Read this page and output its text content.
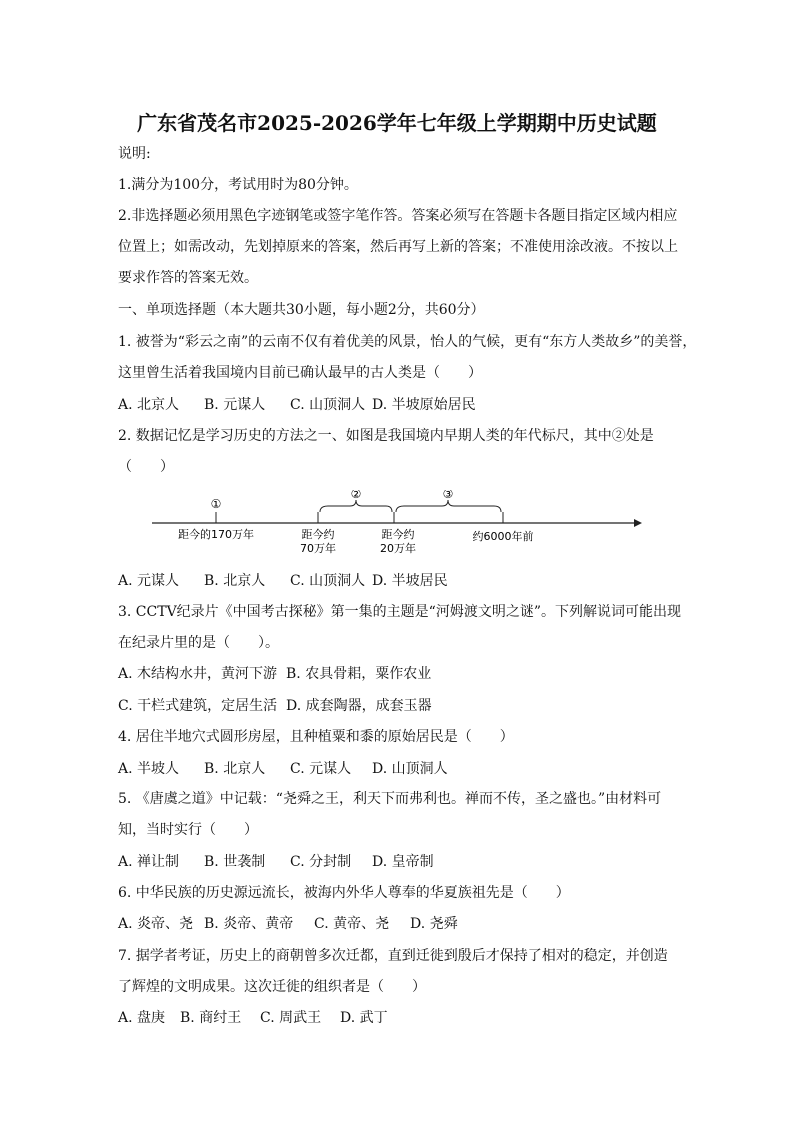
广东省茂名市2025-2026学年七年级上学期期中历史试题
说明:
1.满分为100分，考试用时为80分钟。
2.非选择题必须用黑色字迹钢笔或签字笔作答。答案必须写在答题卡各题目指定区域内相应
位置上；如需改动，先划掉原来的答案，然后再写上新的答案；不准使用涂改液。不按以上
要求作答的答案无效。
一、单项选择题（本大题共30小题，每小题2分，共60分）
1. 被誉为“彩云之南”的云南不仅有着优美的风景，怡人的气候，更有“东方人类故乡”的美誉，
这里曾生活着我国境内目前已确认最早的古人类是（　　）
A. 北京人 B. 元谋人 C. 山顶洞人 D. 半坡原始居民
2. 数据记忆是学习历史的方法之一、如图是我国境内早期人类的年代标尺，其中②处是
（　　）
①
②	③
距今的170万年	距今约
70万年
距今约
20万年
约6000年前
A. 元谋人 B. 北京人 C. 山顶洞人 D. 半坡居民
3. CCTV纪录片《中国考古探秘》第一集的主题是“河姆渡文明之谜”。下列解说词可能出现
在纪录片里的是（　　）。
A. 木结构水井，黄河下游 B. 农具骨耜，粟作农业
C. 干栏式建筑，定居生活 D. 成套陶器，成套玉器
4. 居住半地穴式圆形房屋，且种植粟和黍的原始居民是（　　）
A. 半坡人 B. 北京人 C. 元谋人 D. 山顶洞人
5. 《唐虞之道》中记载：“尧舜之王，利天下而弗利也。禅而不传，圣之盛也。”由材料可
知，当时实行（　　）
A. 禅让制 B. 世袭制 C. 分封制 D. 皇帝制
6. 中华民族的历史源远流长，被海内外华人尊奉的华夏族祖先是（　　）
A. 炎帝、尧 B. 炎帝、黄帝 C. 黄帝、尧 D. 尧舜
7. 据学者考证，历史上的商朝曾多次迁都，直到迁徙到殷后才保持了相对的稳定，并创造
了辉煌的文明成果。这次迁徙的组织者是（　　）
A. 盘庚 B. 商纣王 C. 周武王 D. 武丁
